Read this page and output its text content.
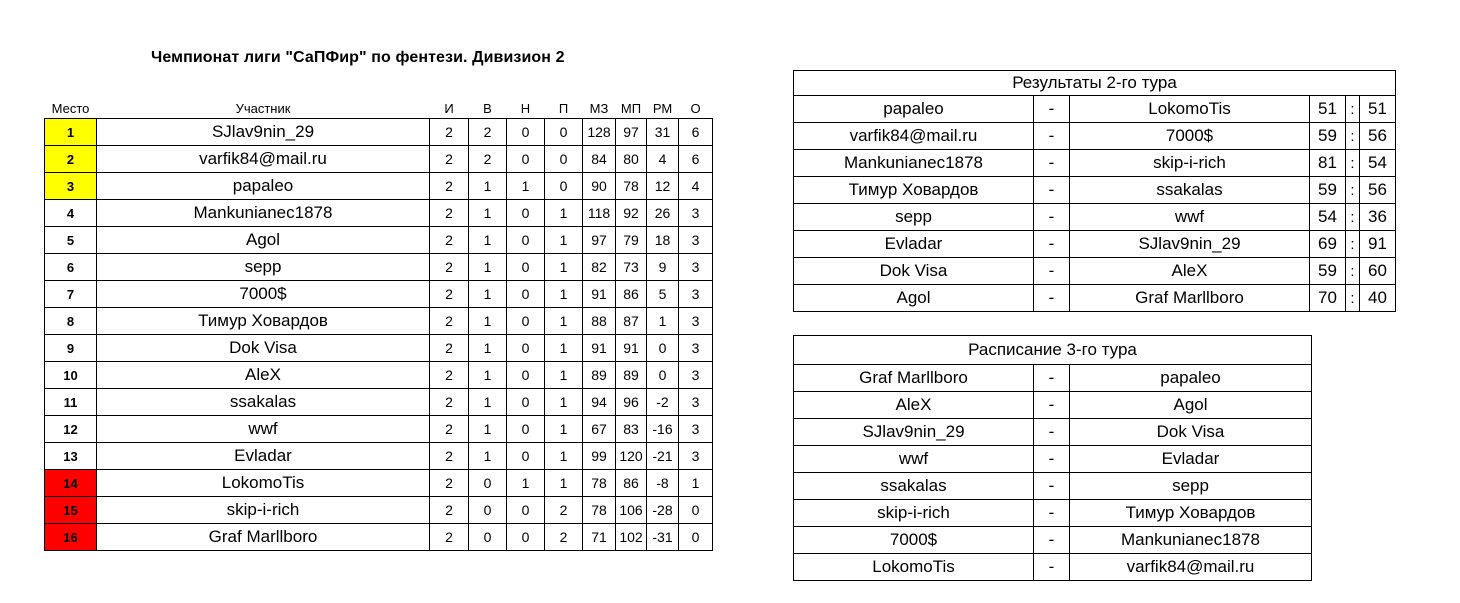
Чемпионат лиги "СаПФир" по фентези. Дивизион 2
Место	Участник	И	В	Н	П	МЗ	МП	РМ	О
1	SJlav9nin_29	2	2	0	0	128	97	31	6
2	varfik84@mail.ru	2	2	0	0	84	80	4	6
3	papaleo	2	1	1	0	90	78	12	4
4	Mankunianec1878	2	1	0	1	118	92	26	3
5	Agol	2	1	0	1	97	79	18	3
6	sepp	2	1	0	1	82	73	9	3
7	7000$	2	1	0	1	91	86	5	3
8	Тимур Ховардов	2	1	0	1	88	87	1	3
9	Dok Visa	2	1	0	1	91	91	0	3
10	AleX	2	1	0	1	89	89	0	3
11	ssakalas	2	1	0	1	94	96	-2	3
12	wwf	2	1	0	1	67	83	-16	3
13	Evladar	2	1	0	1	99	120	-21	3
14	LokomoTis	2	0	1	1	78	86	-8	1
15	skip-i-rich	2	0	0	2	78	106	-28	0
16	Graf Marllboro	2	0	0	2	71	102	-31	0
Результаты 2-го тура					
papaleo	-	LokomoTis	51	:	51
varfik84@mail.ru	-	7000$	59	:	56
Mankunianec1878	-	skip-i-rich	81	:	54
Тимур Ховардов	-	ssakalas	59	:	56
sepp	-	wwf	54	:	36
Evladar	-	SJlav9nin_29	69	:	91
Dok Visa	-	AleX	59	:	60
Agol	-	Graf Marllboro	70	:	40
Расписание 3-го тура		
Graf Marllboro	-	papaleo
AleX	-	Agol
SJlav9nin_29	-	Dok Visa
wwf	-	Evladar
ssakalas	-	sepp
skip-i-rich	-	Тимур Ховардов
7000$	-	Mankunianec1878
LokomoTis	-	varfik84@mail.ru
